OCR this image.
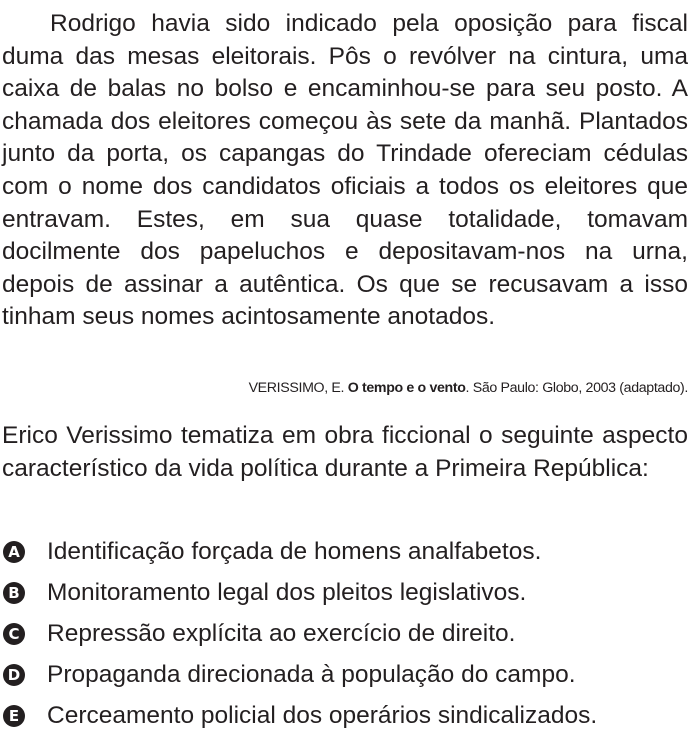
Rodrigo havia sido indicado pela oposição para fiscal duma das mesas eleitorais. Pôs o revólver na cintura, uma caixa de balas no bolso e encaminhou-se para seu posto. A chamada dos eleitores começou às sete da manhã. Plantados junto da porta, os capangas do Trindade ofereciam cédulas com o nome dos candidatos oficiais a todos os eleitores que entravam. Estes, em sua quase totalidade, tomavam docilmente dos papeluchos e depositavam-nos na urna, depois de assinar a autêntica. Os que se recusavam a isso tinham seus nomes acintosamente anotados.

VERISSIMO, E. O tempo e o vento. São Paulo: Globo, 2003 (adaptado).

Erico Verissimo tematiza em obra ficcional o seguinte aspecto característico da vida política durante a Primeira República:

A Identificação forçada de homens analfabetos.
B Monitoramento legal dos pleitos legislativos.
C Repressão explícita ao exercício de direito.
D Propaganda direcionada à população do campo.
E Cerceamento policial dos operários sindicalizados.
